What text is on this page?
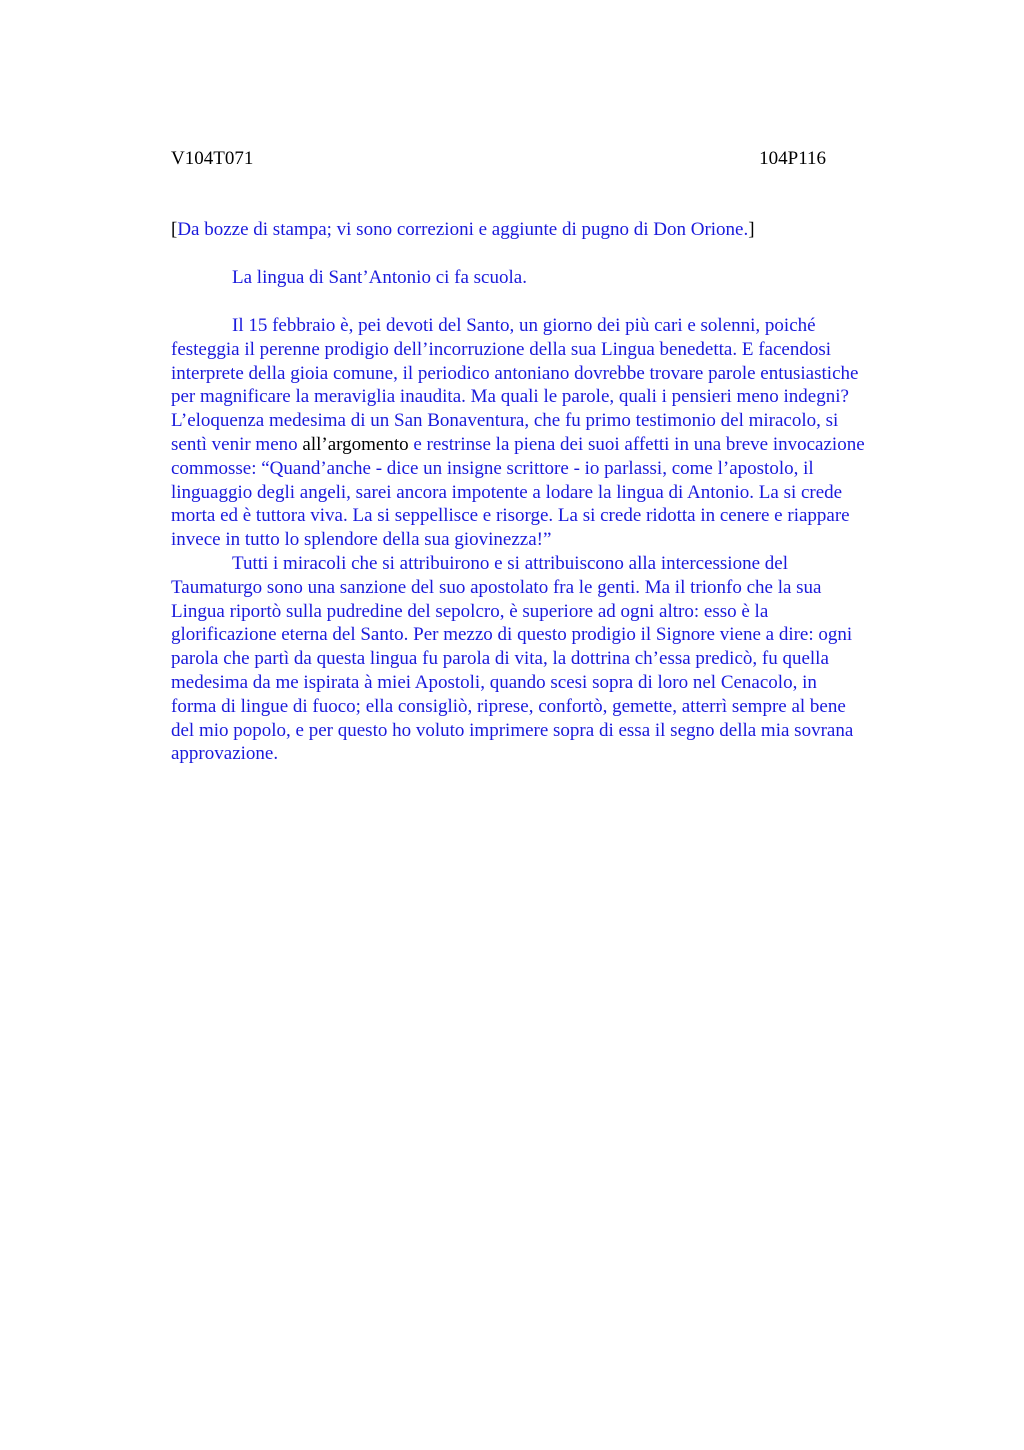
V104T071	104P116
[Da bozze di stampa; vi sono correzioni e aggiunte di pugno di Don Orione.]
La lingua di Sant’Antonio ci fa scuola.
Il 15 febbraio è, pei devoti del Santo, un giorno dei più cari e solenni, poiché
festeggia il perenne prodigio dell’incorruzione della sua Lingua benedetta. E facendosi
interprete della gioia comune, il periodico antoniano dovrebbe trovare parole entusiastiche
per magnificare la meraviglia inaudita. Ma quali le parole, quali i pensieri meno indegni?
L’eloquenza medesima di un San Bonaventura, che fu primo testimonio del miracolo, si
sentì venir meno all’argomento e restrinse la piena dei suoi affetti in una breve invocazione
commosse: “Quand’anche - dice un insigne scrittore - io parlassi, come l’apostolo, il
linguaggio degli angeli, sarei ancora impotente a lodare la lingua di Antonio. La si crede
morta ed è tuttora viva. La si seppellisce e risorge. La si crede ridotta in cenere e riappare
invece in tutto lo splendore della sua giovinezza!”
Tutti i miracoli che si attribuirono e si attribuiscono alla intercessione del
Taumaturgo sono una sanzione del suo apostolato fra le genti. Ma il trionfo che la sua
Lingua riportò sulla pudredine del sepolcro, è superiore ad ogni altro: esso è la
glorificazione eterna del Santo. Per mezzo di questo prodigio il Signore viene a dire: ogni
parola che partì da questa lingua fu parola di vita, la dottrina ch’essa predicò, fu quella
medesima da me ispirata à miei Apostoli, quando scesi sopra di loro nel Cenacolo, in
forma di lingue di fuoco; ella consigliò, riprese, confortò, gemette, atterrì sempre al bene
del mio popolo, e per questo ho voluto imprimere sopra di essa il segno della mia sovrana
approvazione.
